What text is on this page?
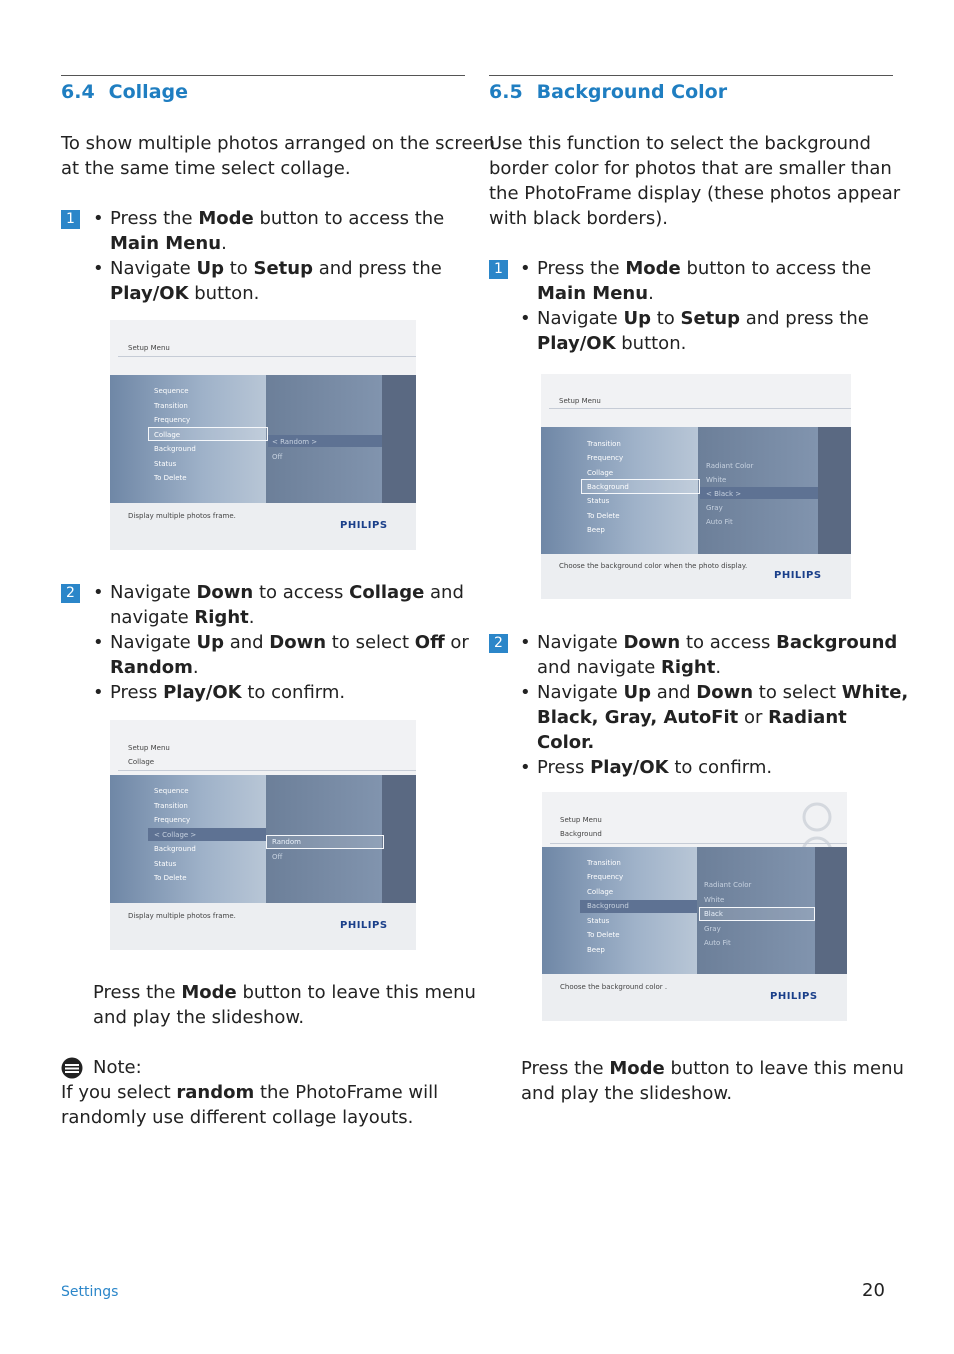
6.4 Collage
To show multiple photos arranged on the screen
at the same time select collage.
1 • Press the Mode button to access the
Main Menu.
• Navigate Up to Setup and press the
Play/OK button.
Setup Menu
Sequence
Transition
Frequency
Collage
Background
Status
To Delete
< Random >
Off
Display multiple photos frame.
PHILIPS
2 • Navigate Down to access Collage and
navigate Right.
• Navigate Up and Down to select Off or
Random.
• Press Play/OK to confirm.
Setup Menu
Collage
Sequence
Transition
Frequency
< Collage >
Background
Status
To Delete
Random
Off
Display multiple photos frame.
PHILIPS
Press the Mode button to leave this menu
and play the slideshow.
Note:
If you select random the PhotoFrame will
randomly use different collage layouts.
6.5 Background Color
Use this function to select the background
border color for photos that are smaller than
the PhotoFrame display (these photos appear
with black borders).
1 • Press the Mode button to access the
Main Menu.
• Navigate Up to Setup and press the
Play/OK button.
Setup Menu
Transition
Frequency
Collage
Background
Status
To Delete
Beep
Radiant Color
White
< Black >
Gray
Auto Fit
Choose the background color when the photo display.
PHILIPS
2 • Navigate Down to access Background
and navigate Right.
• Navigate Up and Down to select White,
Black, Gray, AutoFit or Radiant
Color.
• Press Play/OK to confirm.
Setup Menu
Background
Transition
Frequency
Collage
Background
Status
To Delete
Beep
Radiant Color
White
Black
Gray
Auto Fit
Choose the background color .
PHILIPS
Press the Mode button to leave this menu
and play the slideshow.
Settings	20
